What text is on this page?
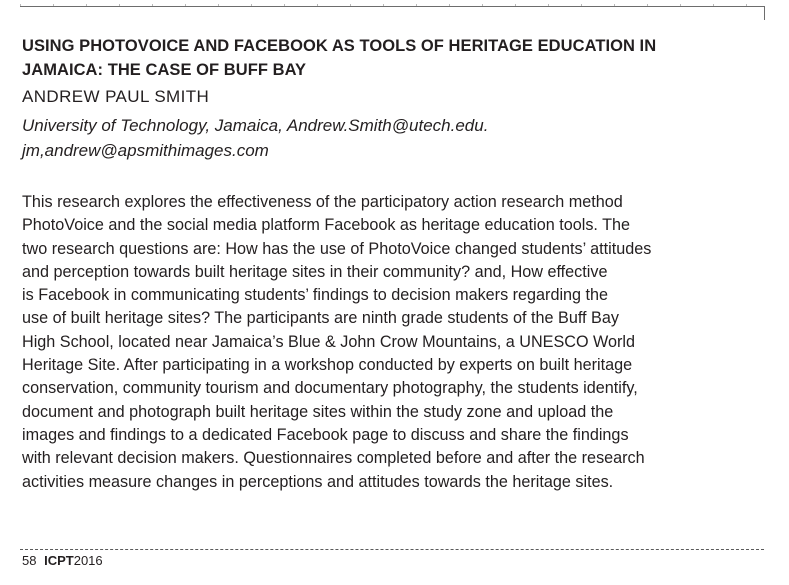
USING PHOTOVOICE AND FACEBOOK AS TOOLS OF HERITAGE EDUCATION IN
JAMAICA: THE CASE OF BUFF BAY

ANDREW PAUL SMITH

University of Technology, Jamaica, Andrew.Smith@utech.edu.
jm,andrew@apsmithimages.com

This research explores the effectiveness of the participatory action research method
PhotoVoice and the social media platform Facebook as heritage education tools. The
two research questions are: How has the use of PhotoVoice changed students’ attitudes
and perception towards built heritage sites in their community? and, How effective
is Facebook in communicating students’ findings to decision makers regarding the
use of built heritage sites? The participants are ninth grade students of the Buff Bay
High School, located near Jamaica’s Blue & John Crow Mountains, a UNESCO World
Heritage Site. After participating in a workshop conducted by experts on built heritage
conservation, community tourism and documentary photography, the students identify,
document and photograph built heritage sites within the study zone and upload the
images and findings to a dedicated Facebook page to discuss and share the findings
with relevant decision makers. Questionnaires completed before and after the research
activities measure changes in perceptions and attitudes towards the heritage sites.

58 ICPT2016
